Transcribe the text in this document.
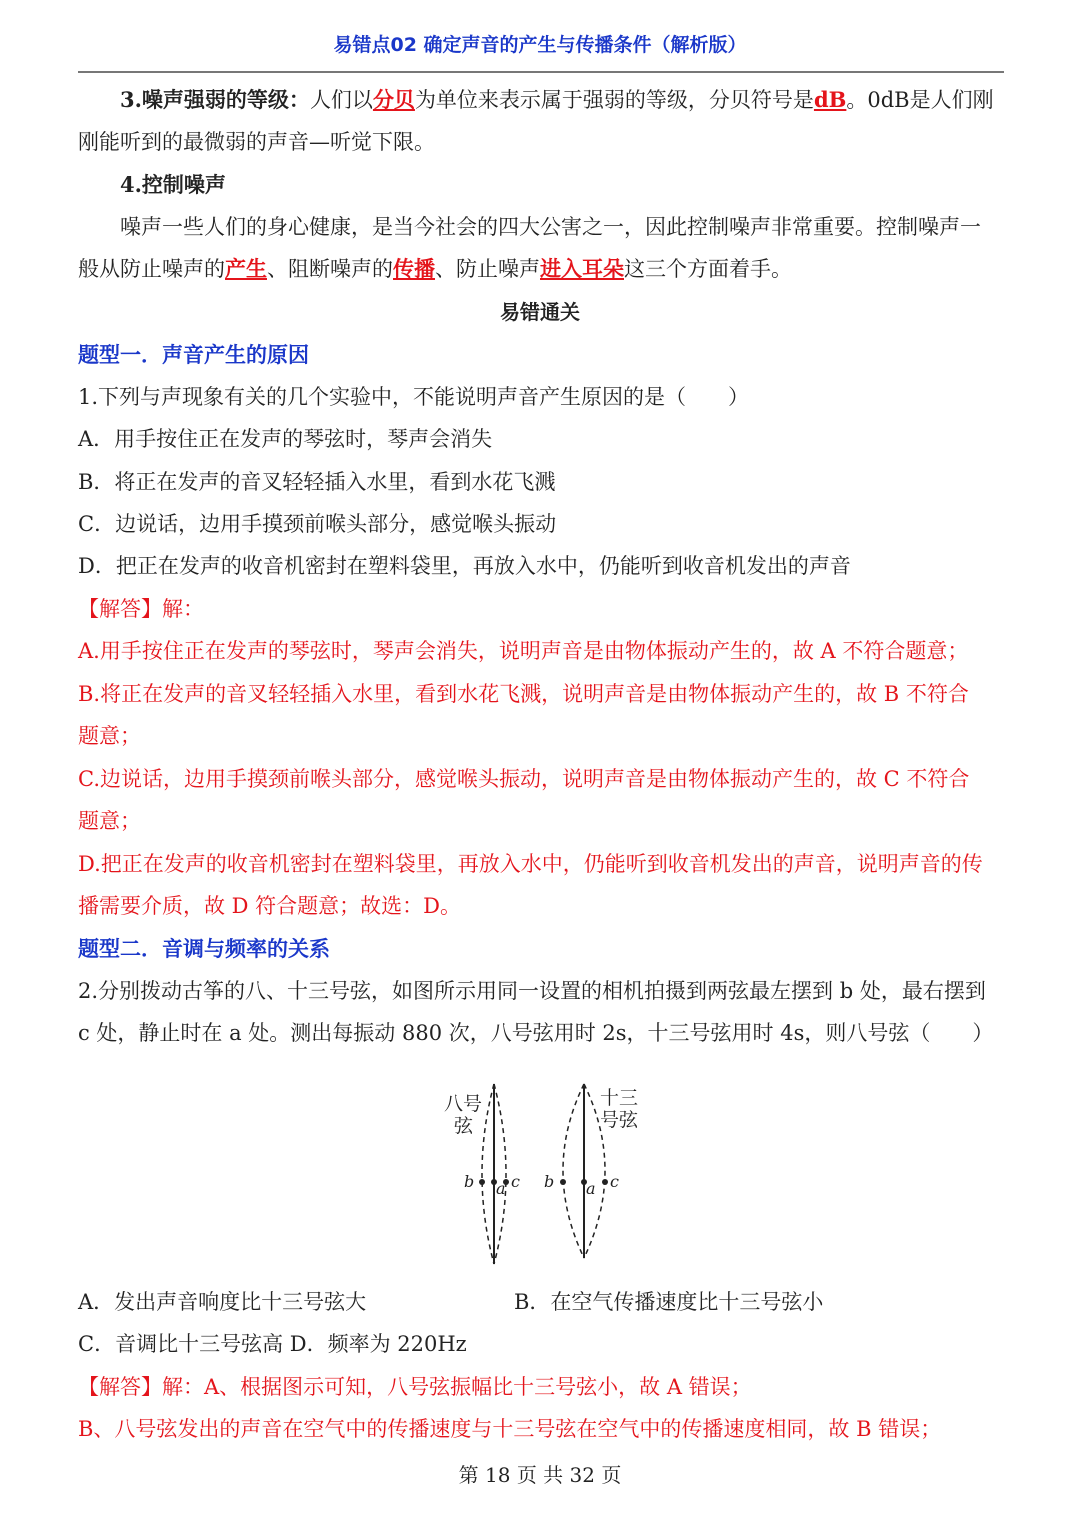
易错点02 确定声音的产生与传播条件（解析版）
3.噪声强弱的等级：人们以分贝为单位来表示属于强弱的等级，分贝符号是dB。0dB是人们刚
刚能听到的最微弱的声音—听觉下限。
4.控制噪声
噪声一些人们的身心健康，是当今社会的四大公害之一，因此控制噪声非常重要。控制噪声一
般从防止噪声的产生、阻断噪声的传播、防止噪声进入耳朵这三个方面着手。
易错通关
题型一．声音产生的原因
1.下列与声现象有关的几个实验中，不能说明声音产生原因的是（　　）
A．用手按住正在发声的琴弦时，琴声会消失
B．将正在发声的音叉轻轻插入水里，看到水花飞溅
C．边说话，边用手摸颈前喉头部分，感觉喉头振动
D．把正在发声的收音机密封在塑料袋里，再放入水中，仍能听到收音机发出的声音
【解答】解：
A.用手按住正在发声的琴弦时，琴声会消失，说明声音是由物体振动产生的，故 A 不符合题意；
B.将正在发声的音叉轻轻插入水里，看到水花飞溅，说明声音是由物体振动产生的，故 B 不符合
题意；
C.边说话，边用手摸颈前喉头部分，感觉喉头振动，说明声音是由物体振动产生的，故 C 不符合
题意；
D.把正在发声的收音机密封在塑料袋里，再放入水中，仍能听到收音机发出的声音，说明声音的传
播需要介质，故 D 符合题意；故选：D。
题型二．音调与频率的关系
2.分别拨动古筝的八、十三号弦，如图所示用同一设置的相机拍摄到两弦最左摆到 b 处，最右摆到
c 处，静止时在 a 处。测出每振动 880 次，八号弦用时 2s，十三号弦用时 4s，则八号弦（　　）
八号
弦
b a c
十三
号弦
b a c
A．发出声音响度比十三号弦大	B．在空气传播速度比十三号弦小
C．音调比十三号弦高 D．频率为 220Hz
【解答】解：A、根据图示可知，八号弦振幅比十三号弦小，故 A 错误；
B、八号弦发出的声音在空气中的传播速度与十三号弦在空气中的传播速度相同，故 B 错误；
第 18 页 共 32 页
